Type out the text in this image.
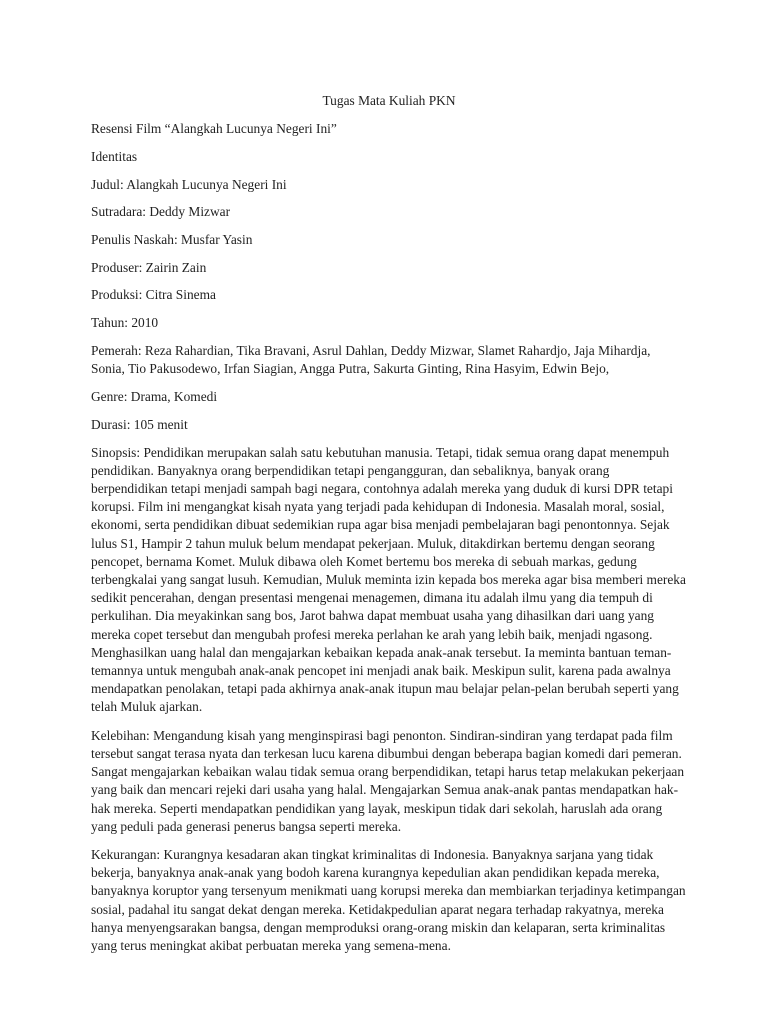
Tugas Mata Kuliah PKN
Resensi Film “Alangkah Lucunya Negeri Ini”
Identitas
Judul: Alangkah Lucunya Negeri Ini
Sutradara: Deddy Mizwar
Penulis Naskah: Musfar Yasin
Produser: Zairin Zain
Produksi: Citra Sinema
Tahun: 2010
Pemerah: Reza Rahardian, Tika Bravani, Asrul Dahlan, Deddy Mizwar, Slamet Rahardjo, Jaja Mihardja, Sonia, Tio Pakusodewo, Irfan Siagian, Angga Putra, Sakurta Ginting, Rina Hasyim, Edwin Bejo,
Genre: Drama, Komedi
Durasi: 105 menit
Sinopsis: Pendidikan merupakan salah satu kebutuhan manusia. Tetapi, tidak semua orang dapat menempuh pendidikan. Banyaknya orang berpendidikan tetapi pengangguran, dan sebaliknya, banyak orang berpendidikan tetapi menjadi sampah bagi negara, contohnya adalah mereka yang duduk di kursi DPR tetapi korupsi. Film ini mengangkat kisah nyata yang terjadi pada kehidupan di Indonesia. Masalah moral, sosial, ekonomi, serta pendidikan dibuat sedemikian rupa agar bisa menjadi pembelajaran bagi penontonnya. Sejak lulus S1, Hampir 2 tahun muluk belum mendapat pekerjaan. Muluk, ditakdirkan bertemu dengan seorang pencopet, bernama Komet. Muluk dibawa oleh Komet bertemu bos mereka di sebuah markas, gedung terbengkalai yang sangat lusuh. Kemudian, Muluk meminta izin kepada bos mereka agar bisa memberi mereka sedikit pencerahan, dengan presentasi mengenai menagemen, dimana itu adalah ilmu yang dia tempuh di perkulihan. Dia meyakinkan sang bos, Jarot bahwa dapat membuat usaha yang dihasilkan dari uang yang mereka copet tersebut dan mengubah profesi mereka perlahan ke arah yang lebih baik, menjadi ngasong. Menghasilkan uang halal dan mengajarkan kebaikan kepada anak-anak tersebut. Ia meminta bantuan teman-temannya untuk mengubah anak-anak pencopet ini menjadi anak baik. Meskipun sulit, karena pada awalnya mendapatkan penolakan, tetapi pada akhirnya anak-anak itupun mau belajar pelan-pelan berubah seperti yang telah Muluk ajarkan.
Kelebihan: Mengandung kisah yang menginspirasi bagi penonton. Sindiran-sindiran yang terdapat pada film tersebut sangat terasa nyata dan terkesan lucu karena dibumbui dengan beberapa bagian komedi dari pemeran. Sangat mengajarkan kebaikan walau tidak semua orang berpendidikan, tetapi harus tetap melakukan pekerjaan yang baik dan mencari rejeki dari usaha yang halal. Mengajarkan Semua anak-anak pantas mendapatkan hak-hak mereka. Seperti mendapatkan pendidikan yang layak, meskipun tidak dari sekolah, haruslah ada orang yang peduli pada generasi penerus bangsa seperti mereka.
Kekurangan: Kurangnya kesadaran akan tingkat kriminalitas di Indonesia. Banyaknya sarjana yang tidak bekerja, banyaknya anak-anak yang bodoh karena kurangnya kepedulian akan pendidikan kepada mereka, banyaknya koruptor yang tersenyum menikmati uang korupsi mereka dan membiarkan terjadinya ketimpangan sosial, padahal itu sangat dekat dengan mereka. Ketidakpedulian aparat negara terhadap rakyatnya, mereka hanya menyengsarakan bangsa, dengan memproduksi orang-orang miskin dan kelaparan, serta kriminalitas yang terus meningkat akibat perbuatan mereka yang semena-mena.
